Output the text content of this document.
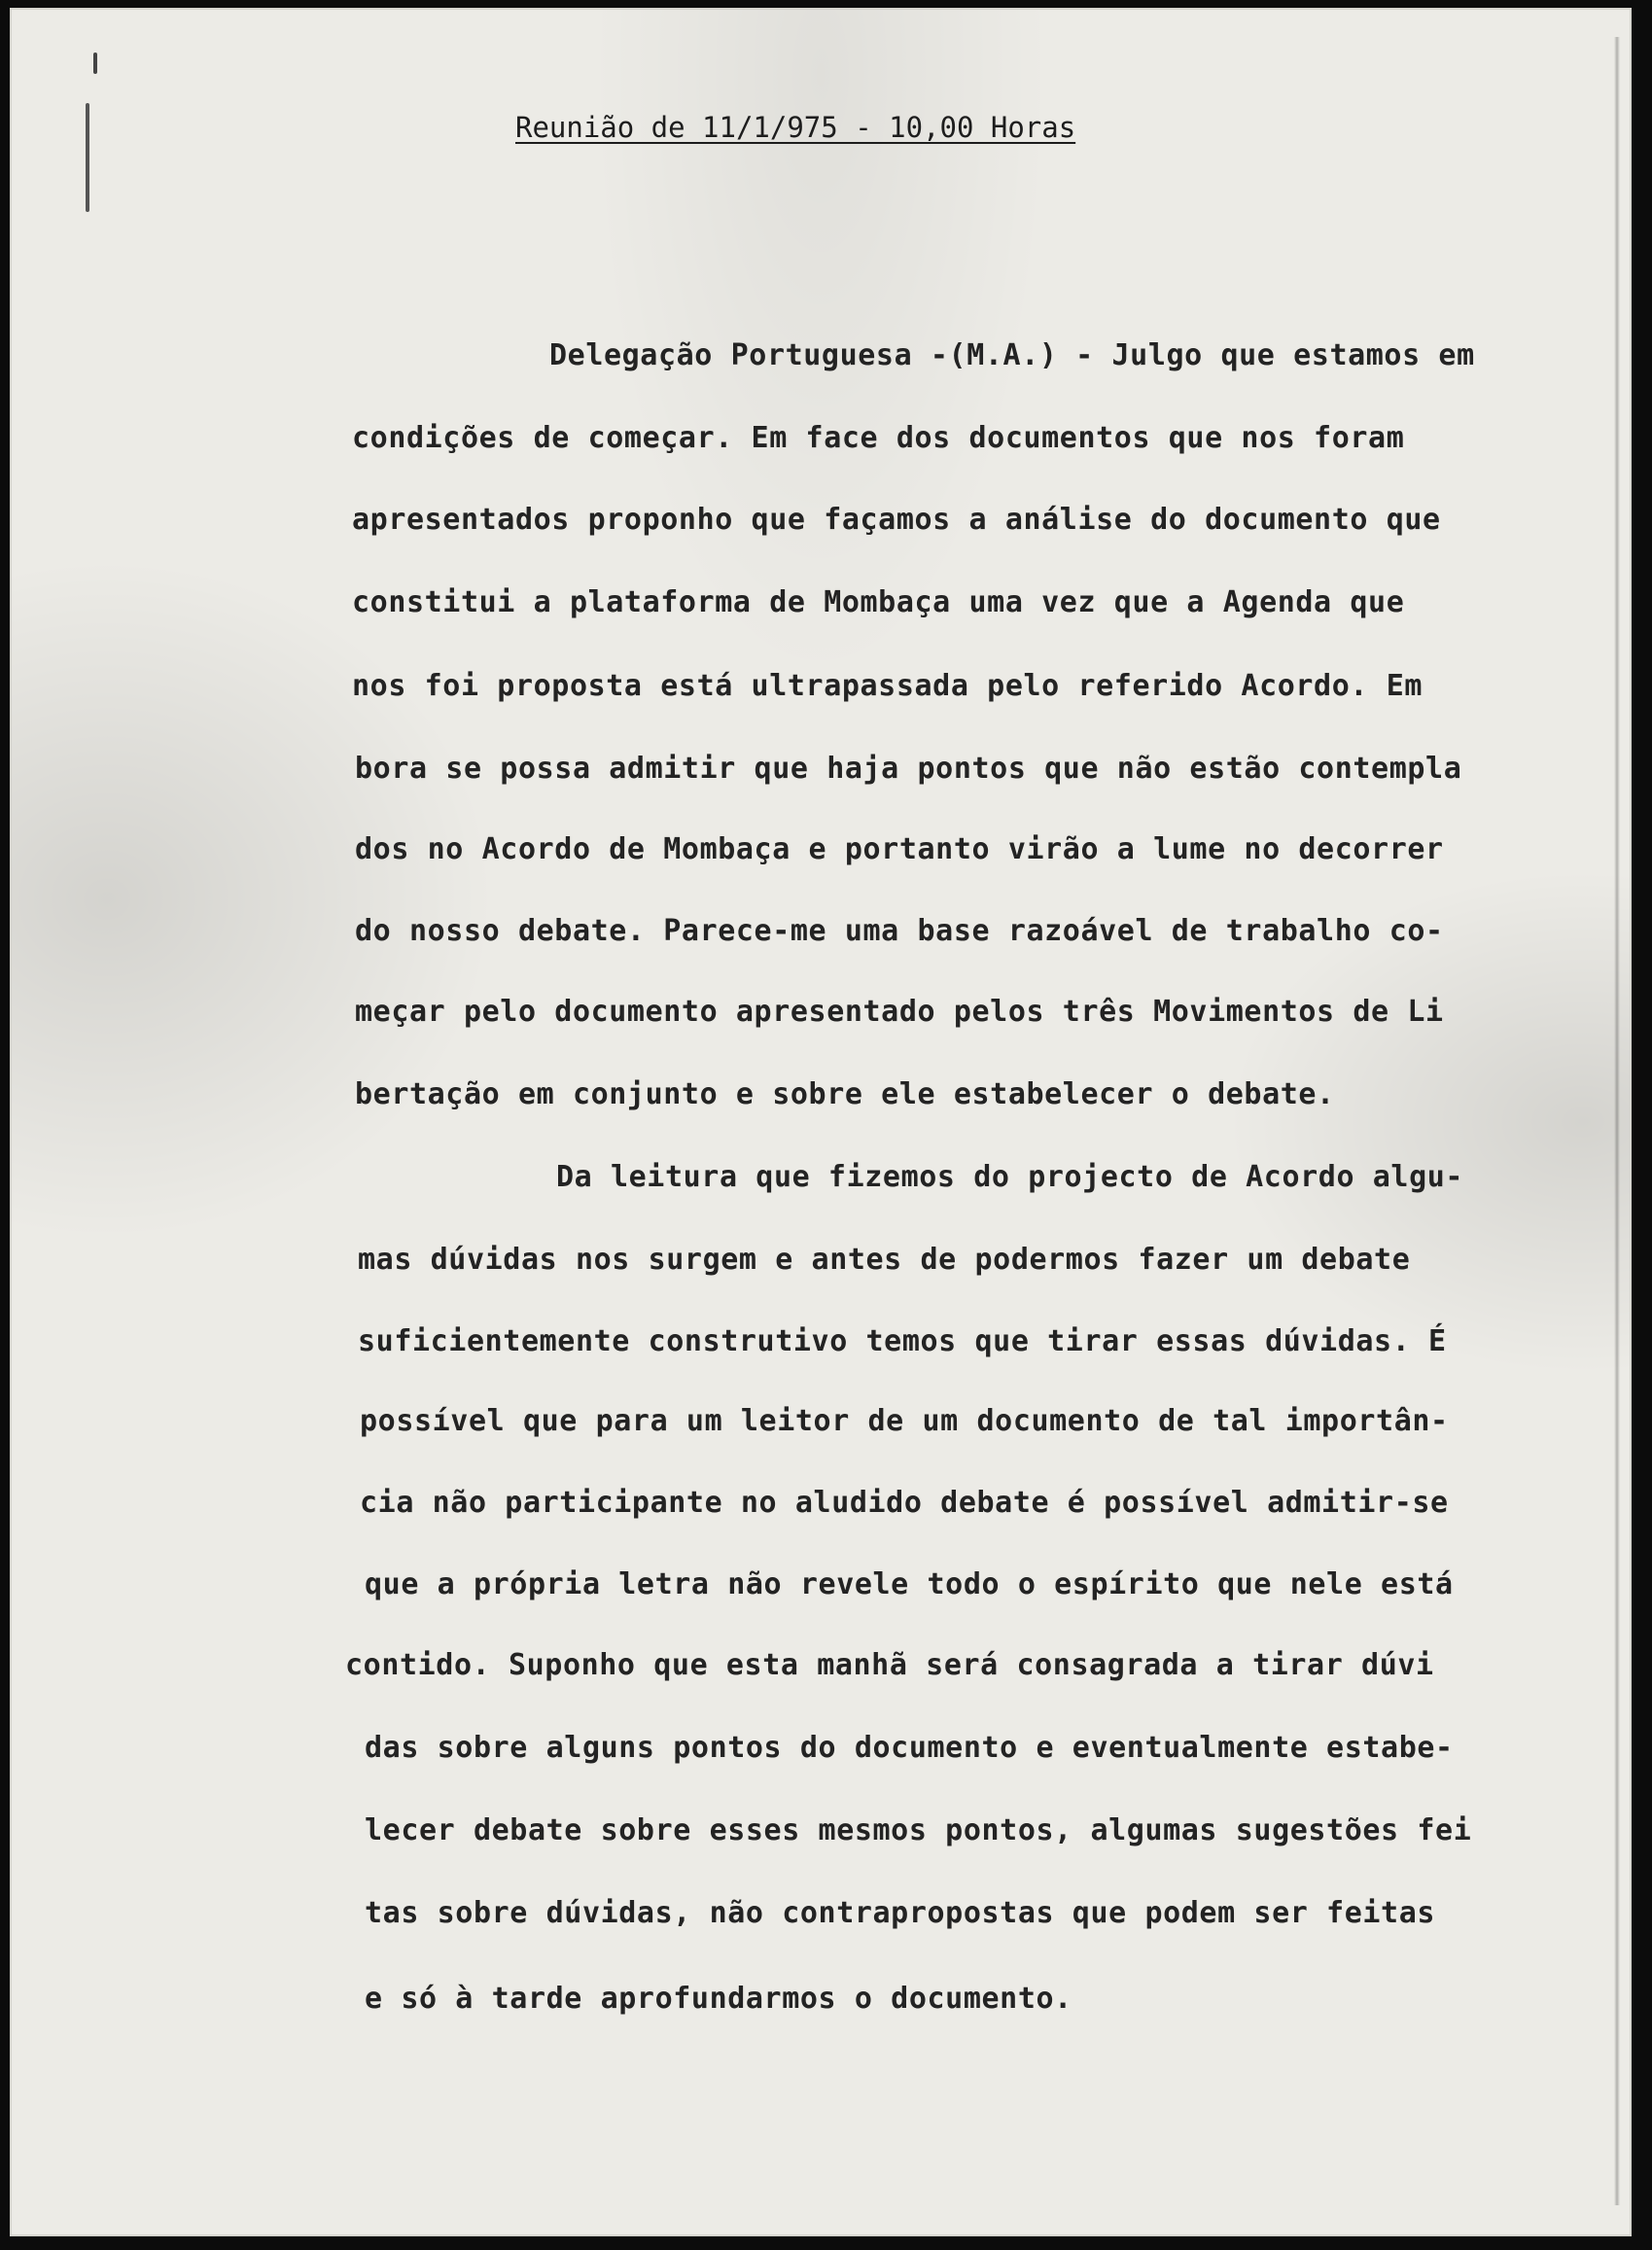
Reunião de 11/1/975 - 10,00 Horas
Delegação Portuguesa -(M.A.) - Julgo que estamos em
condições de começar. Em face dos documentos que nos foram
apresentados proponho que façamos a análise do documento que
constitui a plataforma de Mombaça uma vez que a Agenda que
nos foi proposta está ultrapassada pelo referido Acordo. Em
bora se possa admitir que haja pontos que não estão contempla
dos no Acordo de Mombaça e portanto virão a lume no decorrer
do nosso debate. Parece-me uma base razoável de trabalho co-
meçar pelo documento apresentado pelos três Movimentos de Li
bertação em conjunto e sobre ele estabelecer o debate.
Da leitura que fizemos do projecto de Acordo algu-
mas dúvidas nos surgem e antes de podermos fazer um debate
suficientemente construtivo temos que tirar essas dúvidas. É
possível que para um leitor de um documento de tal importân-
cia não participante no aludido debate é possível admitir-se
que a própria letra não revele todo o espírito que nele está
contido. Suponho que esta manhã será consagrada a tirar dúvi
das sobre alguns pontos do documento e eventualmente estabe-
lecer debate sobre esses mesmos pontos, algumas sugestões fei
tas sobre dúvidas, não contrapropostas que podem ser feitas
e só à tarde aprofundarmos o documento.
